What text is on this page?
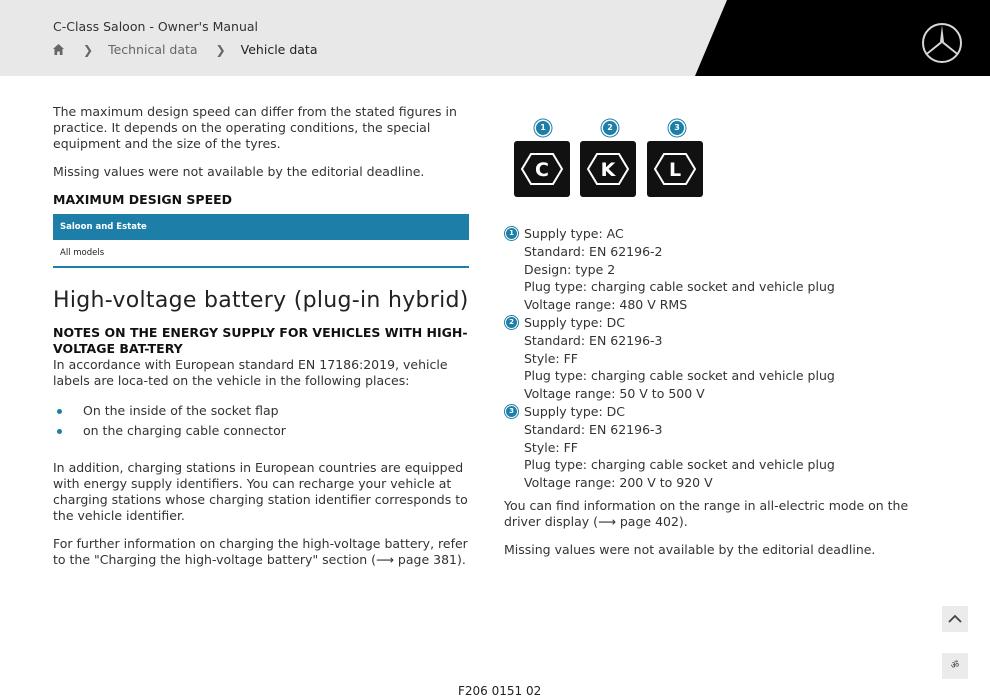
C-Class Saloon - Owner's Manual
❯ Technical data ❯ Vehicle data

The maximum design speed can differ from the stated figures in practice. It depends on the operating conditions, the special equipment and the size of the tyres.

Missing values were not available by the editorial deadline.

MAXIMUM DESIGN SPEED
Saloon and Estate
All models
High-voltage battery (plug-in hybrid)
NOTES ON THE ENERGY SUPPLY FOR VEHICLES WITH HIGH-VOLTAGE BAT-TERY

In accordance with European standard EN 17186:2019, vehicle labels are loca-ted on the vehicle in the following places:

On the inside of the socket flap
on the charging cable connector

In addition, charging stations in European countries are equipped with energy supply identifiers. You can recharge your vehicle at charging stations whose charging station identifier corresponds to the vehicle identifier.

For further information on charging the high-voltage battery, refer to the "Charging the high-voltage battery" section (⟶ page 381).

1	2	3
C	K	L
1 Supply type: AC
Standard: EN 62196-2
Design: type 2
Plug type: charging cable socket and vehicle plug
Voltage range: 480 V RMS
2 Supply type: DC
Standard: EN 62196-3
Style: FF
Plug type: charging cable socket and vehicle plug
Voltage range: 50 V to 500 V
3 Supply type: DC
Standard: EN 62196-3
Style: FF
Plug type: charging cable socket and vehicle plug
Voltage range: 200 V to 920 V

You can find information on the range in all-electric mode on the driver display (⟶ page 402).

Missing values were not available by the editorial deadline.

ॐ
F206 0151 02
